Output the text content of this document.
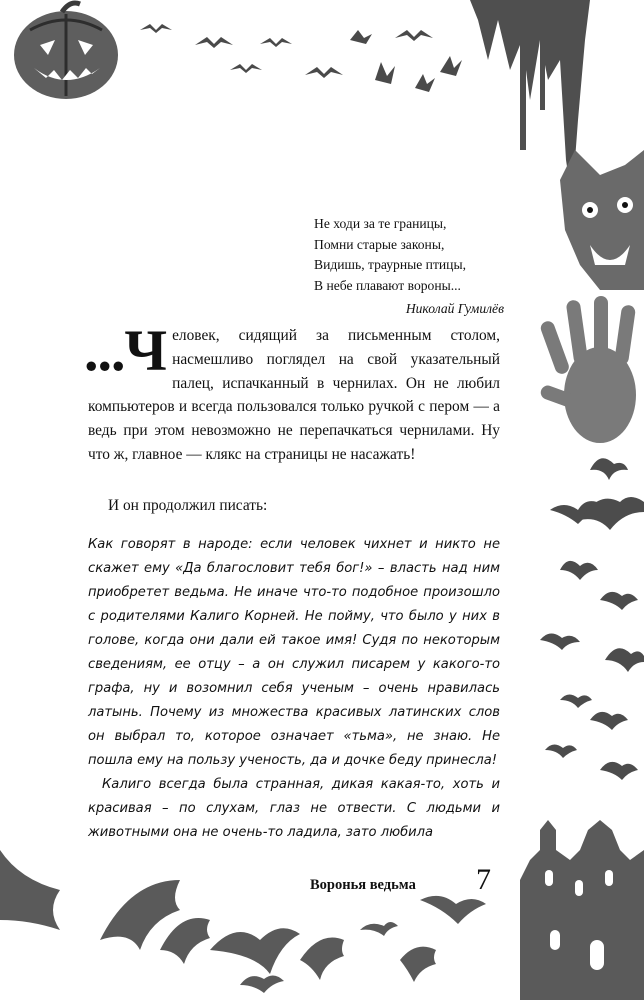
Не ходи за те границы,
Помни старые законы,
Видишь, траурные птицы,
В небе плавают вороны...
Николай Гумилёв
...Ч еловек, сидящий за письменным столом, насмешливо поглядел на свой указательный палец, испачканный в чернилах. Он не любил компьютеров и всегда пользовался только ручкой с пером — а ведь при этом невозможно не перепачкаться чернилами. Ну что ж, главное — клякс на страницы не насажать!

И он продолжил писать:

Как говорят в народе: если человек чихнет и никто не скажет ему «Да благословит тебя бог!» – власть над ним приобретет ведьма. Не иначе что-то подобное произошло с родителями Калиго Корней. Не пойму, что было у них в голове, когда они дали ей такое имя! Судя по некоторым сведениям, ее отцу – а он служил писарем у какого-то графа, ну и возомнил себя ученым – очень нравилась латынь. Почему из множества красивых латинских слов он выбрал то, которое означает «тьма», не знаю. Не пошла ему на пользу ученость, да и дочке беду принесла!

Калиго всегда была странная, дикая какая-то, хоть и красивая – по слухам, глаз не отвести. С людьми и животными она не очень-то ладила, зато любила

Воронья ведьма 7
